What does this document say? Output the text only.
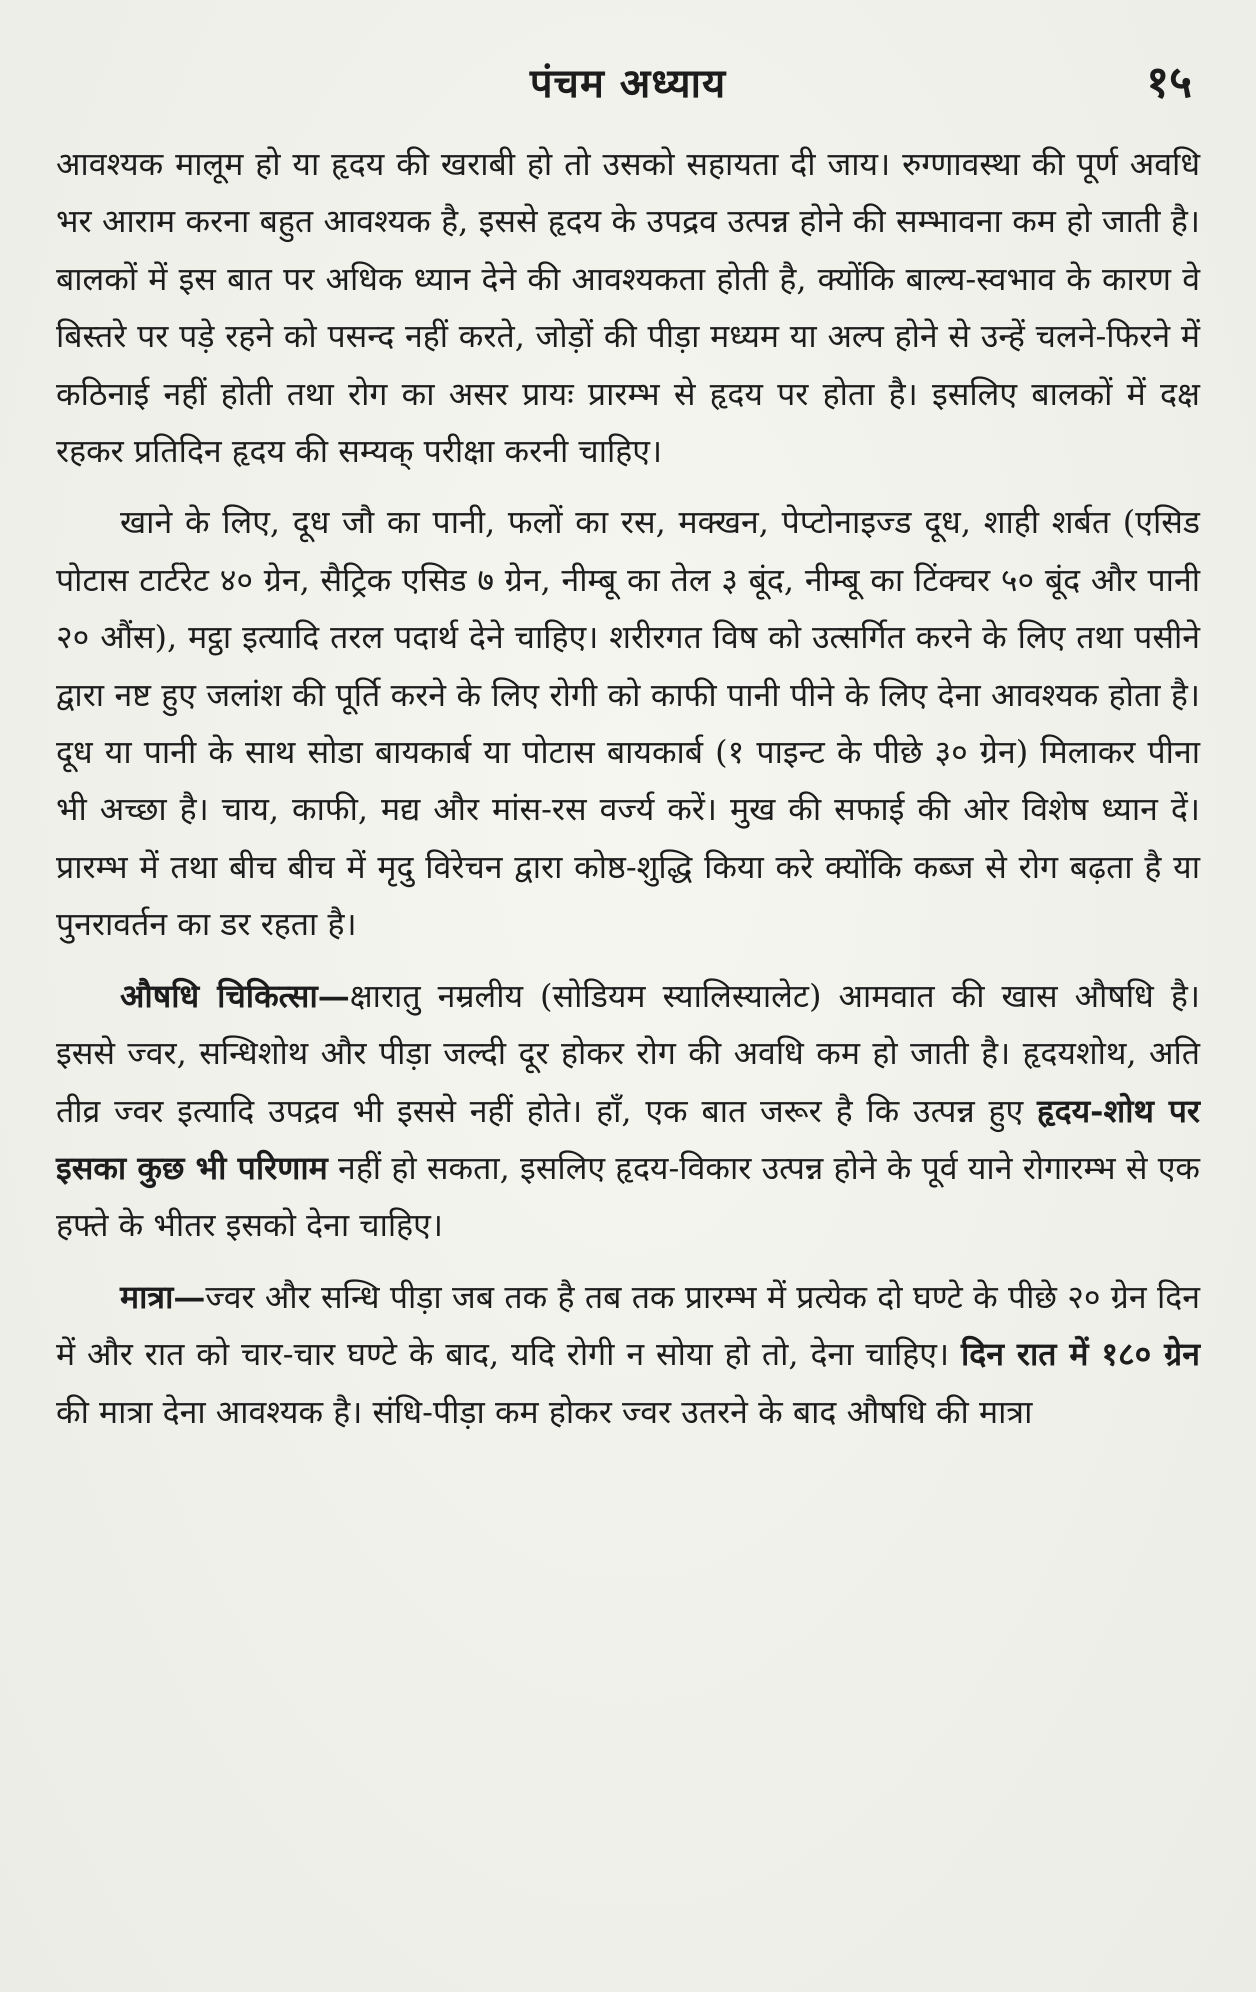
पंचम अध्याय	१५

आवश्यक मालूम हो या हृदय की खराबी हो तो उसको सहायता दी जाय। रुग्णावस्था की पूर्ण अवधि भर आराम करना बहुत आवश्यक है, इससे हृदय के उपद्रव उत्पन्न होने की सम्भावना कम हो जाती है। बालकों में इस बात पर अधिक ध्यान देने की आवश्यकता होती है, क्योंकि बाल्य-स्वभाव के कारण वे बिस्तरे पर पड़े रहने को पसन्द नहीं करते, जोड़ों की पीड़ा मध्यम या अल्प होने से उन्हें चलने-फिरने में कठिनाई नहीं होती तथा रोग का असर प्रायः प्रारम्भ से हृदय पर होता है। इसलिए बालकों में दक्ष रहकर प्रतिदिन हृदय की सम्यक् परीक्षा करनी चाहिए।

खाने के लिए, दूध जौ का पानी, फलों का रस, मक्खन, पेप्टोनाइज्ड दूध, शाही शर्बत (एसिड पोटास टार्टरेट ४० ग्रेन, सैट्रिक एसिड ७ ग्रेन, नीम्बू का तेल ३ बूंद, नीम्बू का टिंक्चर ५० बूंद और पानी २० औंस), मट्ठा इत्यादि तरल पदार्थ देने चाहिए। शरीरगत विष को उत्सर्गित करने के लिए तथा पसीने द्वारा नष्ट हुए जलांश की पूर्ति करने के लिए रोगी को काफी पानी पीने के लिए देना आवश्यक होता है। दूध या पानी के साथ सोडा बायकार्ब या पोटास बायकार्ब (१ पाइन्ट के पीछे ३० ग्रेन) मिलाकर पीना भी अच्छा है। चाय, काफी, मद्य और मांस-रस वर्ज्य करें। मुख की सफाई की ओर विशेष ध्यान दें। प्रारम्भ में तथा बीच बीच में मृदु विरेचन द्वारा कोष्ठ-शुद्धि किया करे क्योंकि कब्ज से रोग बढ़ता है या पुनरावर्तन का डर रहता है।

औषधि चिकित्सा—क्षारातु नम्रलीय (सोडियम स्यालिस्यालेट) आमवात की खास औषधि है। इससे ज्वर, सन्धिशोथ और पीड़ा जल्दी दूर होकर रोग की अवधि कम हो जाती है। हृदयशोथ, अति तीव्र ज्वर इत्यादि उपद्रव भी इससे नहीं होते। हाँ, एक बात जरूर है कि उत्पन्न हुए हृदय-शोथ पर इसका कुछ भी परिणाम नहीं हो सकता, इसलिए हृदय-विकार उत्पन्न होने के पूर्व याने रोगारम्भ से एक हफ्ते के भीतर इसको देना चाहिए।

मात्रा—ज्वर और सन्धि पीड़ा जब तक है तब तक प्रारम्भ में प्रत्येक दो घण्टे के पीछे २० ग्रेन दिन में और रात को चार-चार घण्टे के बाद, यदि रोगी न सोया हो तो, देना चाहिए। दिन रात में १८० ग्रेन की मात्रा देना आवश्यक है। संधि-पीड़ा कम होकर ज्वर उतरने के बाद औषधि की मात्रा
